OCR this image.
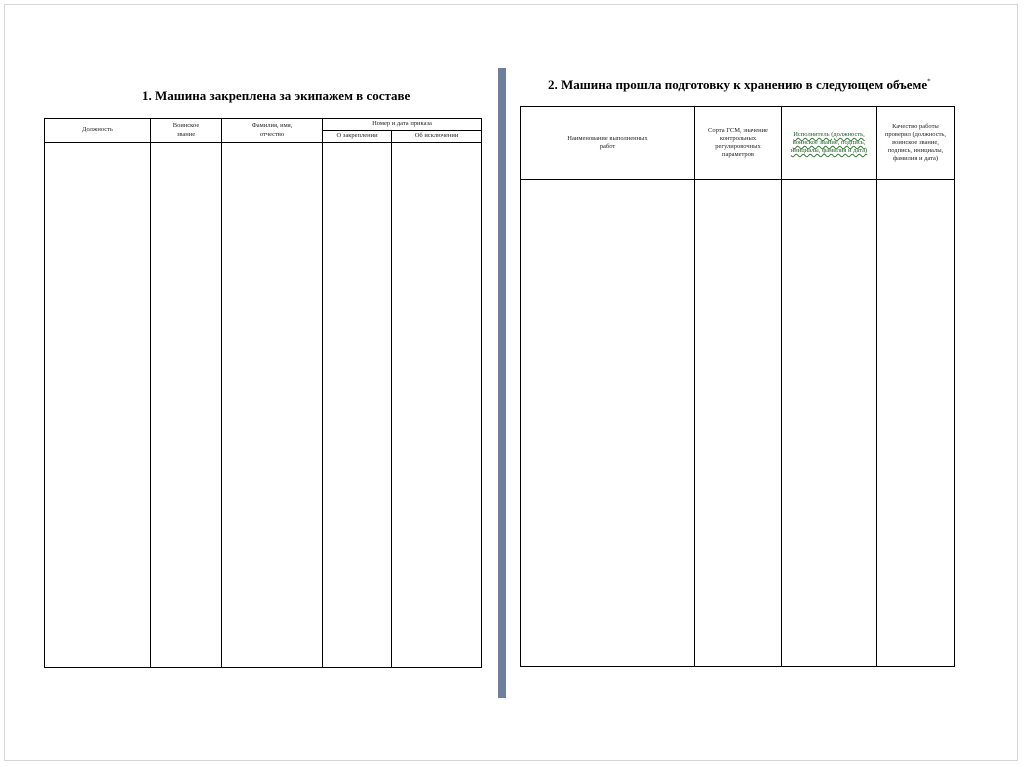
1. Машина закреплена за экипажем в составе
Должность
Воинское звание
Фамилия, имя, отчество
Номер и дата приказа
О закреплении	Об исключении
2. Машина прошла подготовку к хранению в следующем объеме*
Наименование выполненных работ
Сорта ГСМ, значение контрольных регулировочных параметров
Исполнитель (должность, воинское звание, подпись, инициалы, фамилия и дата)
Качество работы проверил (должность, воинское звание, подпись, инициалы, фамилия и дата)
